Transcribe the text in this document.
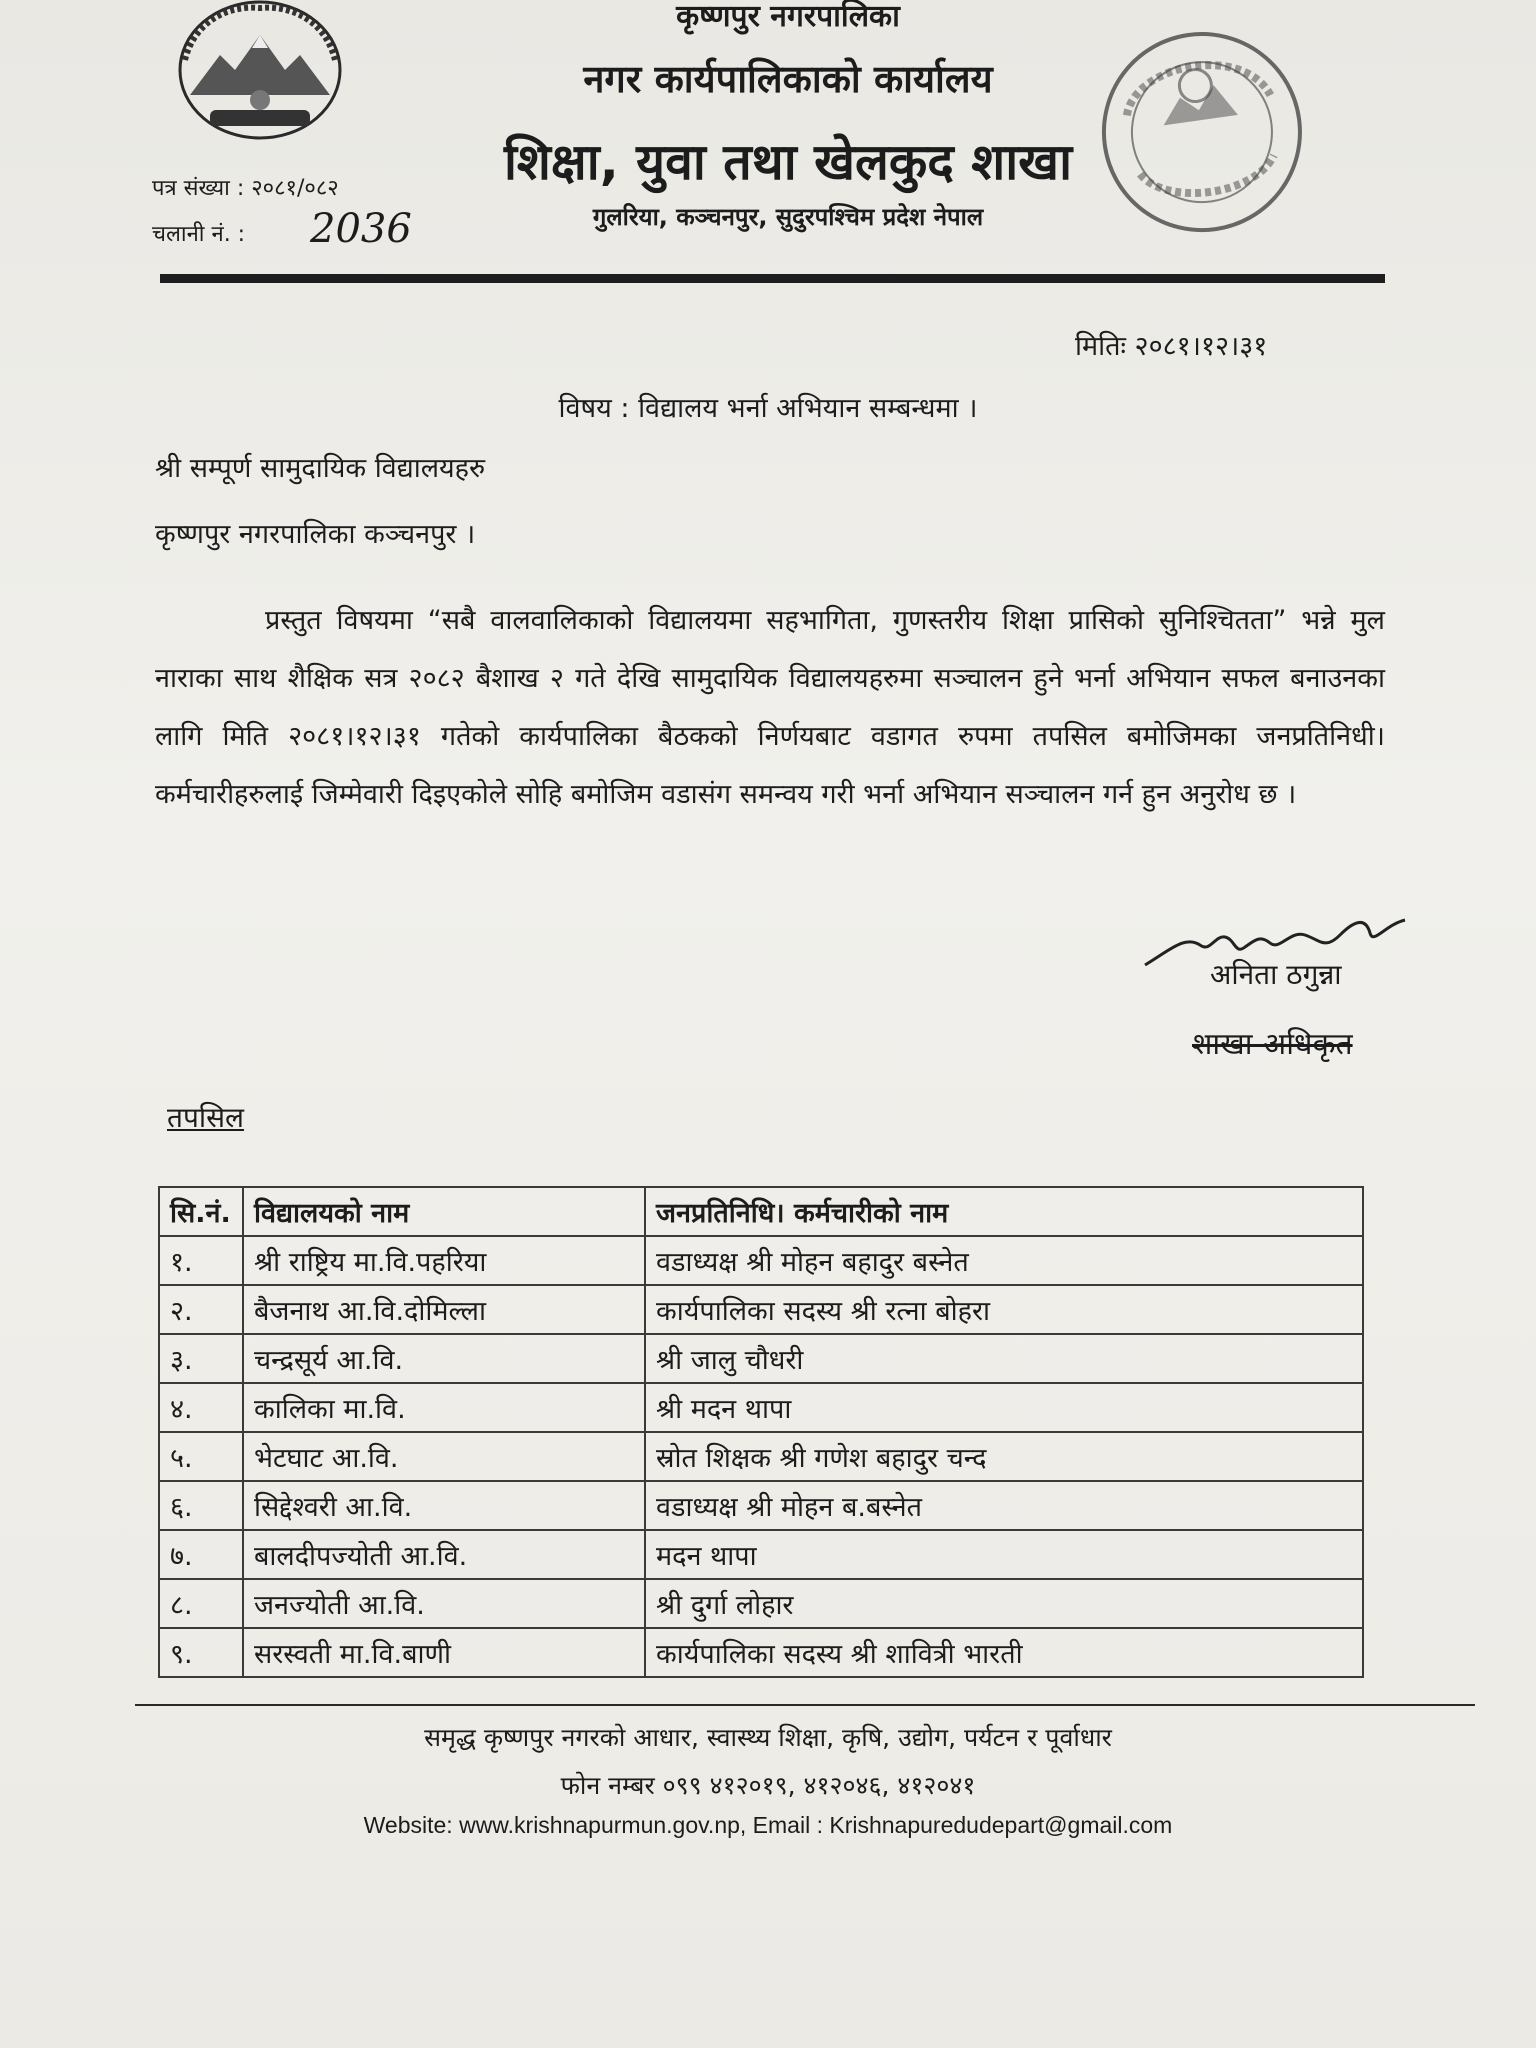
कृष्णपुर नगरपालिका
नगर कार्यपालिकाको कार्यालय
शिक्षा, युवा तथा खेलकुद शाखा
गुलरिया, कञ्चनपुर, सुदुरपश्चिम प्रदेश नेपाल
पत्र संख्या : २०८१/०८२
चलानी नं. : 2036
मितिः २०८१।१२।३१
विषय : विद्यालय भर्ना अभियान सम्बन्धमा ।
श्री सम्पूर्ण सामुदायिक विद्यालयहरु
कृष्णपुर नगरपालिका कञ्चनपुर ।
प्रस्तुत विषयमा “सबै वालवालिकाको विद्यालयमा सहभागिता, गुणस्तरीय शिक्षा प्रासिको सुनिश्चितता” भन्ने मुल नाराका साथ शैक्षिक सत्र २०८२ बैशाख २ गते देखि सामुदायिक विद्यालयहरुमा सञ्चालन हुने भर्ना अभियान सफल बनाउनका लागि मिति २०८१।१२।३१ गतेको कार्यपालिका बैठकको निर्णयबाट वडागत रुपमा तपसिल बमोजिमका जनप्रतिनिधी।कर्मचारीहरुलाई जिम्मेवारी दिइएकोले सोहि बमोजिम वडासंग समन्वय गरी भर्ना अभियान सञ्चालन गर्न हुन अनुरोध छ ।
अनिता ठगुन्ना
शाखा-अधिकृत
तपसिल
सि.नं.	विद्यालयको नाम	जनप्रतिनिधि। कर्मचारीको नाम
१.	श्री राष्ट्रिय मा.वि.पहरिया	वडाध्यक्ष श्री मोहन बहादुर बस्नेत
२.	बैजनाथ आ.वि.दोमिल्ला	कार्यपालिका सदस्य श्री रत्ना बोहरा
३.	चन्द्रसूर्य आ.वि.	श्री जालु चौधरी
४.	कालिका मा.वि.	श्री मदन थापा
५.	भेटघाट आ.वि.	स्रोत शिक्षक श्री गणेश बहादुर चन्द
६.	सिद्देश्वरी आ.वि.	वडाध्यक्ष श्री मोहन ब.बस्नेत
७.	बालदीपज्योती आ.वि.	मदन थापा
८.	जनज्योती आ.वि.	श्री दुर्गा लोहार
९.	सरस्वती मा.वि.बाणी	कार्यपालिका सदस्य श्री शावित्री भारती
समृद्ध कृष्णपुर नगरको आधार, स्वास्थ्य शिक्षा, कृषि, उद्योग, पर्यटन र पूर्वाधार
फोन नम्बर ०९९ ४१२०१९, ४१२०४६, ४१२०४१
Website: www.krishnapurmun.gov.np, Email : Krishnapuredudepart@gmail.com
